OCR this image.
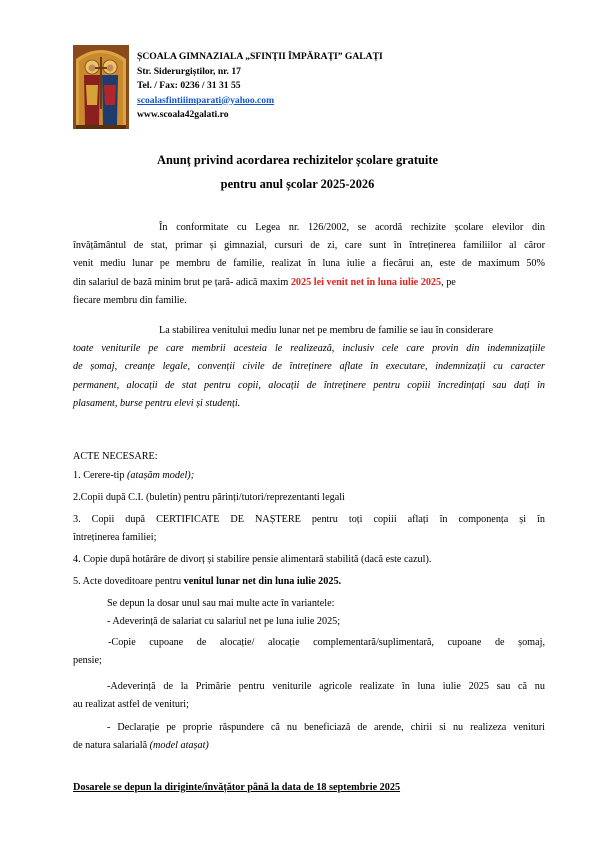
ȘCOALA GIMNAZIALA „SFINȚII ÎMPĂRAȚI” GALAȚI
Str. Siderurgiștilor, nr. 17
Tel. / Fax: 0236 / 31 31 55
scoalasfintiiimparati@yahoo.com
www.scoala42galati.ro
Anunț privind acordarea rechizitelor școlare gratuite
pentru anul școlar 2025-2026
În conformitate cu Legea nr. 126/2002, se acordă rechizite școlare elevilor din
învățământul de stat, primar și gimnazial, cursuri de zi, care sunt în întreținerea familiilor al căror
venit mediu lunar pe membru de familie, realizat în luna iulie a fiecărui an, este de maximum 50%
din salariul de bază minim brut pe țară- adică maxim 2025 lei venit net în luna iulie 2025, pe
fiecare membru din familie.
La stabilirea venitului mediu lunar net pe membru de familie se iau în considerare
toate veniturile pe care membrii acesteia le realizează, inclusiv cele care provin din indemnizațiile
de șomaj, creanțe legale, convenții civile de întreținere aflate în executare, indemnizații cu caracter
permanent, alocații de stat pentru copii, alocații de întreținere pentru copiii încredințați sau dați în
plasament, burse pentru elevi și studenți.
ACTE NECESARE:
1. Cerere-tip (atașăm model);
2.Copii după C.I. (buletin) pentru părinți/tutori/reprezentanti legali
3. Copii după CERTIFICATE DE NAȘTERE pentru toți copiii aflați în componența și în
întreținerea familiei;
4. Copie după hotărâre de divorț și stabilire pensie alimentară stabilită (dacă este cazul).
5. Acte doveditoare pentru venitul lunar net din luna iulie 2025.
Se depun la dosar unul sau mai multe acte în variantele:
- Adeverință de salariat cu salariul net pe luna iulie 2025;
-Copie cupoane de alocație/ alocație complementară/suplimentară, cupoane de șomaj,
pensie;
-Adeverință de la Primărie pentru veniturile agricole realizate în luna iulie 2025 sau că nu
au realizat astfel de venituri;
- Declarație pe proprie răspundere că nu beneficiază de arende, chirii si nu realizeza venituri
de natura salarială (model atașat)
Dosarele se depun la diriginte/învățător până la data de 18 septembrie 2025
